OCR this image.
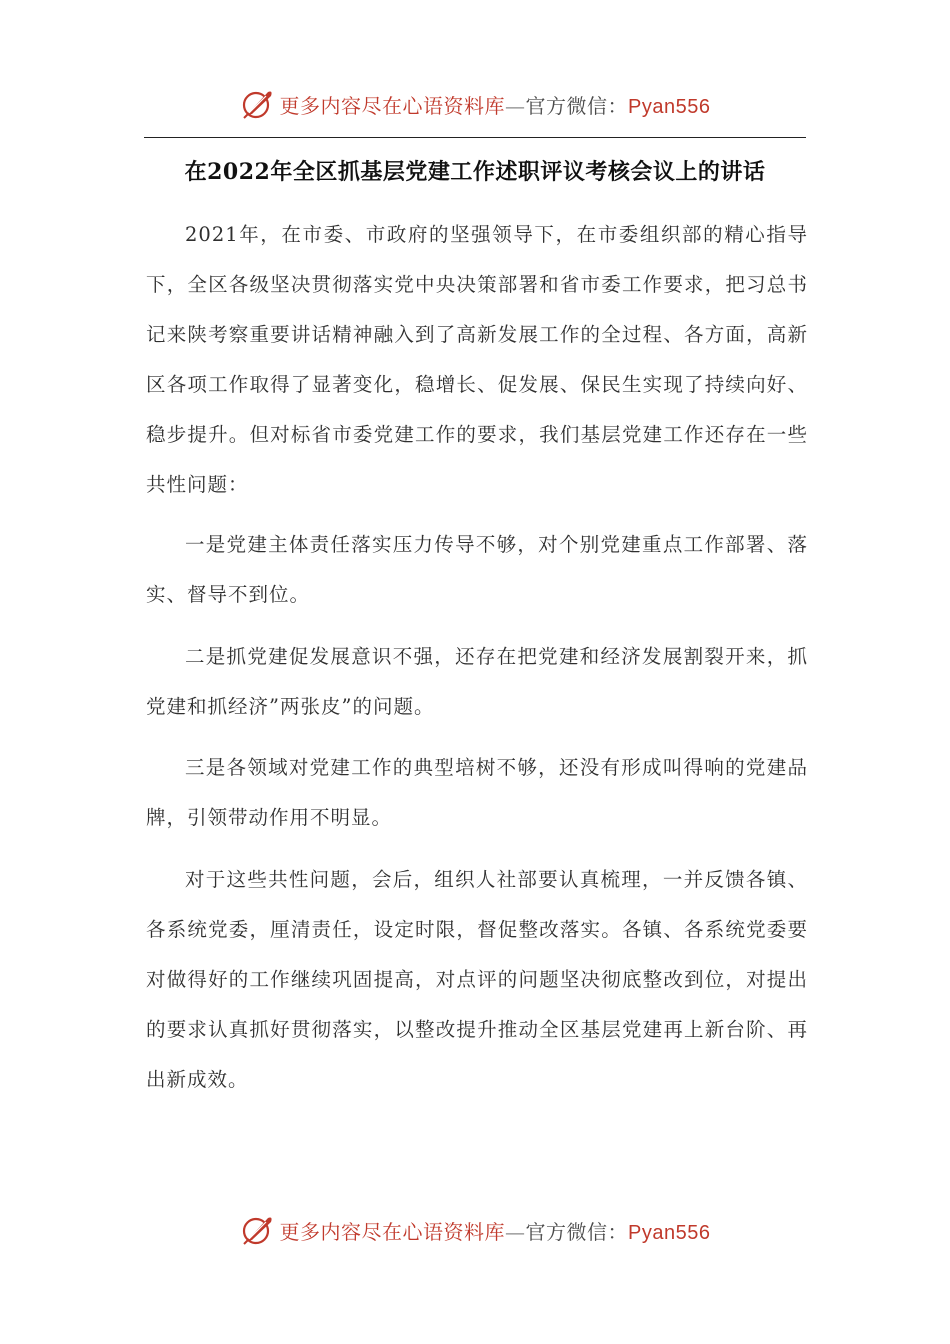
更多内容尽在心语资料库—官方微信：Pyan556
在2022年全区抓基层党建工作述职评议考核会议上的讲话

2021年，在市委、市政府的坚强领导下，在市委组织部的精心指导下，全区各级坚决贯彻落实党中央决策部署和省市委工作要求，把习总书记来陕考察重要讲话精神融入到了高新发展工作的全过程、各方面，高新区各项工作取得了显著变化，稳增长、促发展、保民生实现了持续向好、稳步提升。但对标省市委党建工作的要求，我们基层党建工作还存在一些共性问题：

一是党建主体责任落实压力传导不够，对个别党建重点工作部署、落实、督导不到位。

二是抓党建促发展意识不强，还存在把党建和经济发展割裂开来，抓党建和抓经济”两张皮”的问题。

三是各领域对党建工作的典型培树不够，还没有形成叫得响的党建品牌，引领带动作用不明显。

对于这些共性问题，会后，组织人社部要认真梳理，一并反馈各镇、各系统党委，厘清责任，设定时限，督促整改落实。各镇、各系统党委要对做得好的工作继续巩固提高，对点评的问题坚决彻底整改到位，对提出的要求认真抓好贯彻落实，以整改提升推动全区基层党建再上新台阶、再出新成效。

更多内容尽在心语资料库—官方微信：Pyan556
